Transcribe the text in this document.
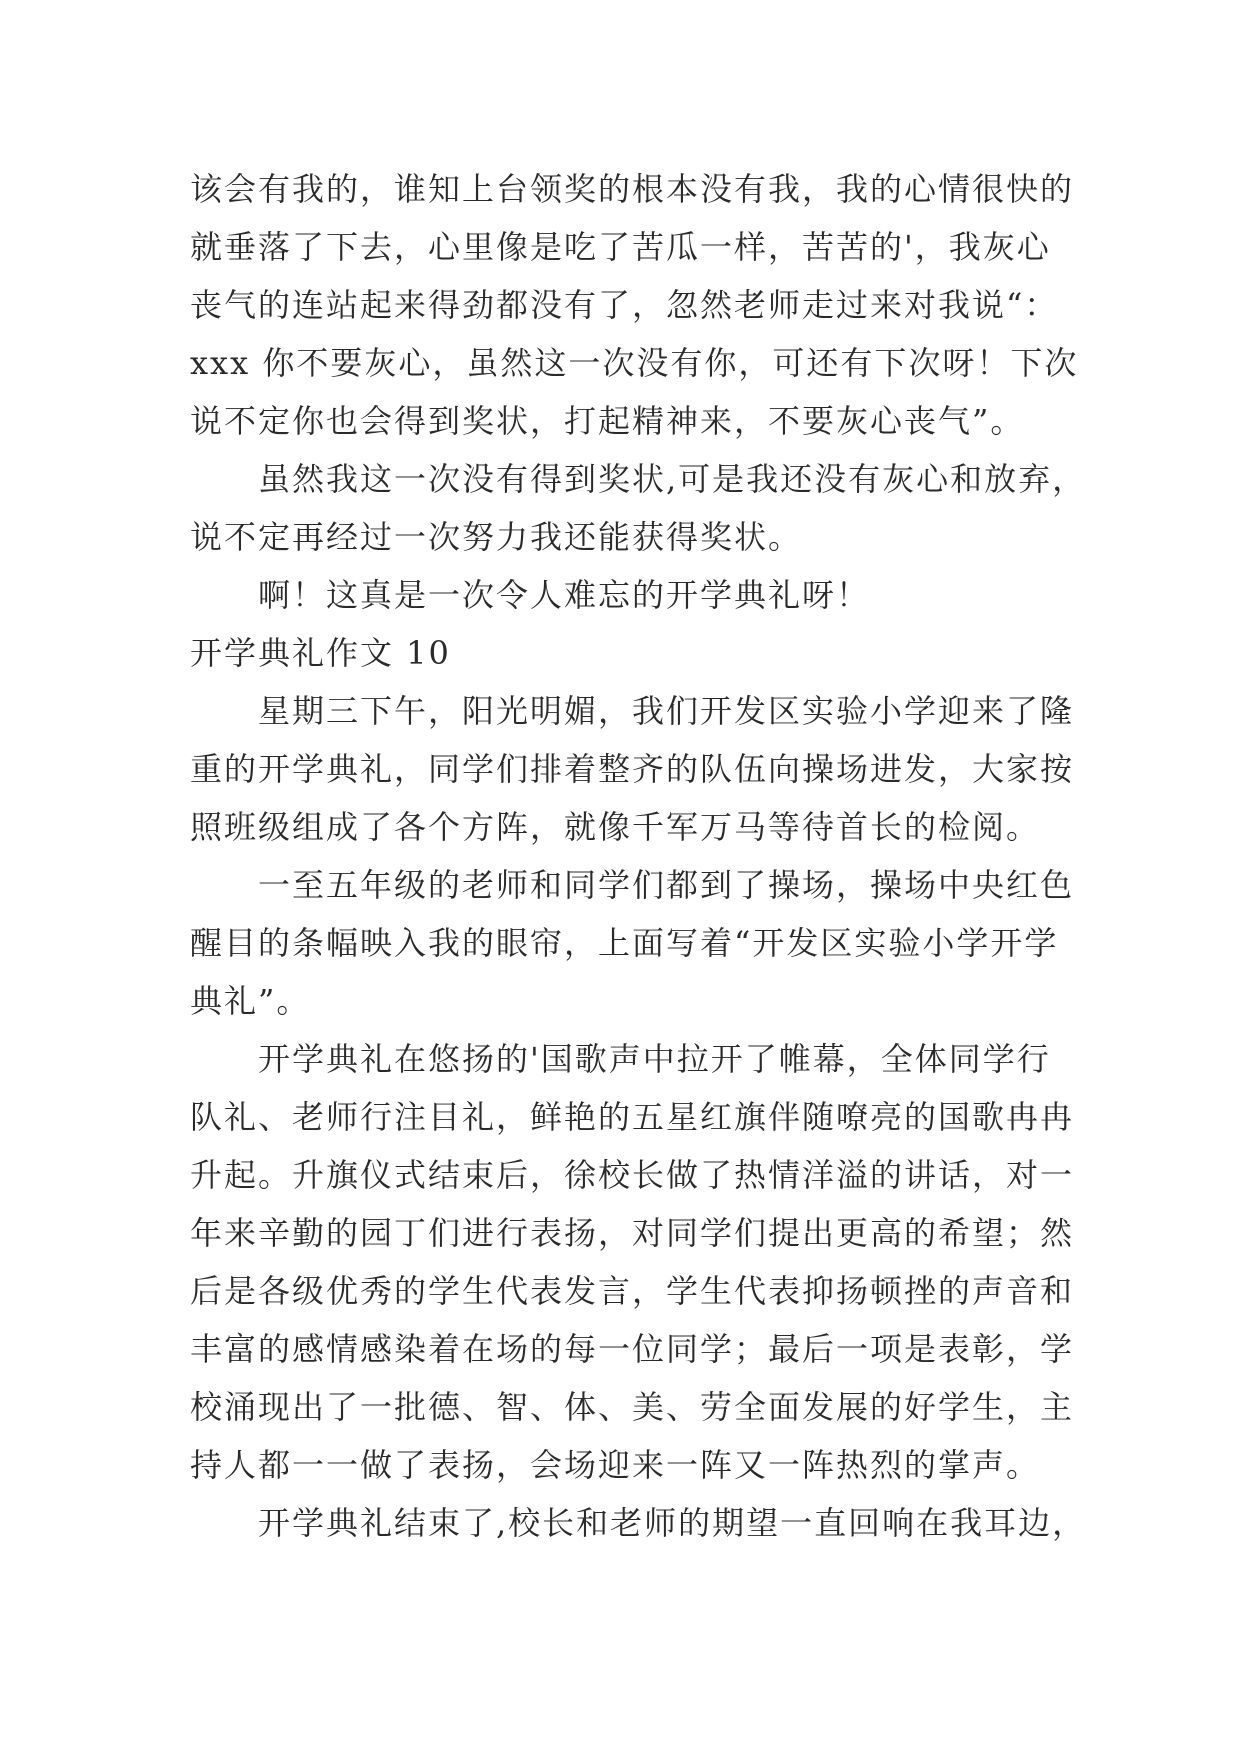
该会有我的，谁知上台领奖的根本没有我，我的心情很快的
就垂落了下去，心里像是吃了苦瓜一样，苦苦的'，我灰心
丧气的连站起来得劲都没有了，忽然老师走过来对我说“：
xxx 你不要灰心，虽然这一次没有你，可还有下次呀！下次
说不定你也会得到奖状，打起精神来，不要灰心丧气”。
虽然我这一次没有得到奖状,可是我还没有灰心和放弃，
说不定再经过一次努力我还能获得奖状。
啊！这真是一次令人难忘的开学典礼呀！
开学典礼作文 10
星期三下午，阳光明媚，我们开发区实验小学迎来了隆
重的开学典礼，同学们排着整齐的队伍向操场进发，大家按
照班级组成了各个方阵，就像千军万马等待首长的检阅。
一至五年级的老师和同学们都到了操场，操场中央红色
醒目的条幅映入我的眼帘，上面写着“开发区实验小学开学
典礼”。
开学典礼在悠扬的'国歌声中拉开了帷幕，全体同学行
队礼、老师行注目礼，鲜艳的五星红旗伴随嘹亮的国歌冉冉
升起。升旗仪式结束后，徐校长做了热情洋溢的讲话，对一
年来辛勤的园丁们进行表扬，对同学们提出更高的希望；然
后是各级优秀的学生代表发言，学生代表抑扬顿挫的声音和
丰富的感情感染着在场的每一位同学；最后一项是表彰，学
校涌现出了一批德、智、体、美、劳全面发展的好学生，主
持人都一一做了表扬，会场迎来一阵又一阵热烈的掌声。
开学典礼结束了,校长和老师的期望一直回响在我耳边，
